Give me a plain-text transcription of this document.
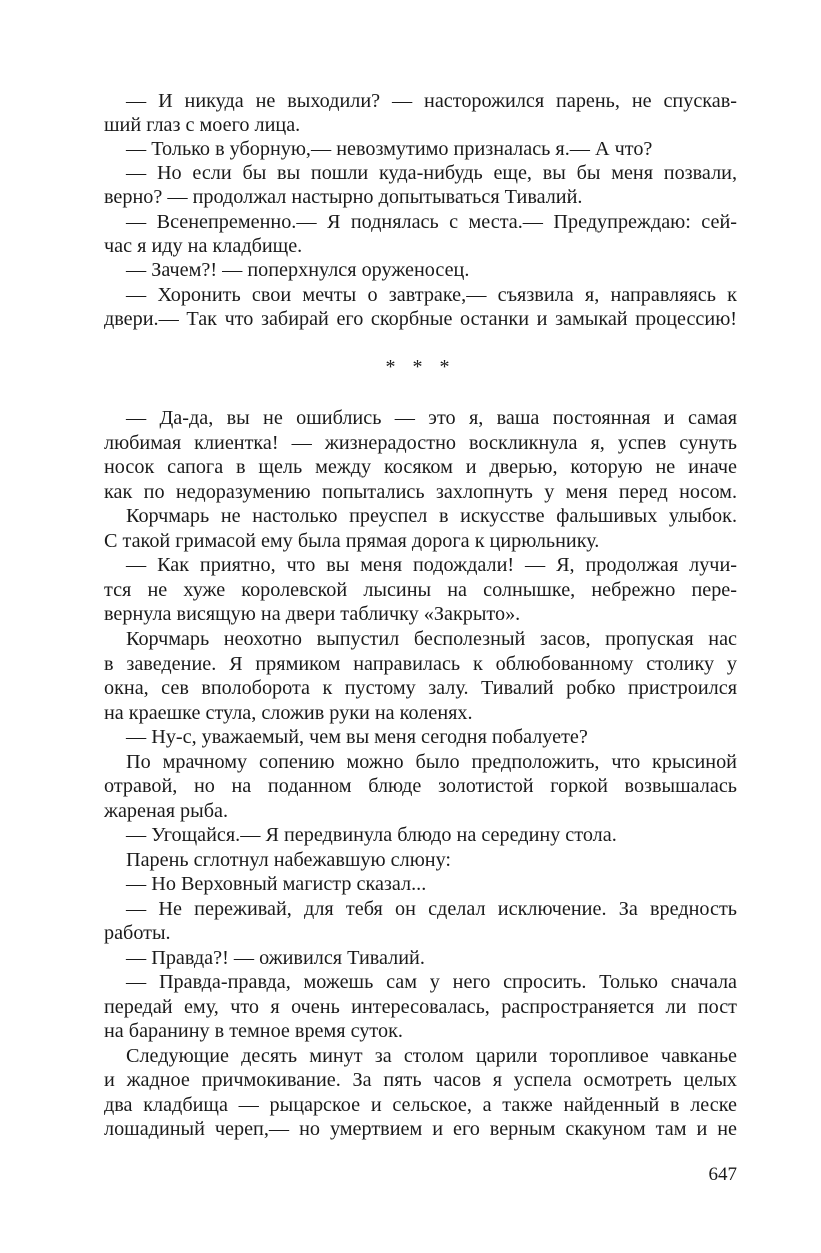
— И никуда не выходили? — насторожился парень, не спускав-
ший глаз с моего лица.
— Только в уборную,— невозмутимо призналась я.— А что?
— Но если бы вы пошли куда-нибудь еще, вы бы меня позвали,
верно? — продолжал настырно допытываться Тивалий.
— Всенепременно.— Я поднялась с места.— Предупреждаю: сей-
час я иду на кладбище.
— Зачем?! — поперхнулся оруженосец.
— Хоронить свои мечты о завтраке,— съязвила я, направляясь к
двери.— Так что забирай его скорбные останки и замыкай процессию!
* * *
— Да-да, вы не ошиблись — это я, ваша постоянная и самая
любимая клиентка! — жизнерадостно воскликнула я, успев сунуть
носок сапога в щель между косяком и дверью, которую не иначе
как по недоразумению попытались захлопнуть у меня перед носом.
Корчмарь не настолько преуспел в искусстве фальшивых улыбок.
С такой гримасой ему была прямая дорога к цирюльнику.
— Как приятно, что вы меня подождали! — Я, продолжая лучи-
тся не хуже королевской лысины на солнышке, небрежно пере-
вернула висящую на двери табличку «Закрыто».
Корчмарь неохотно выпустил бесполезный засов, пропуская нас
в заведение. Я прямиком направилась к облюбованному столику у
окна, сев вполоборота к пустому залу. Тивалий робко пристроился
на краешке стула, сложив руки на коленях.
— Ну-с, уважаемый, чем вы меня сегодня побалуете?
По мрачному сопению можно было предположить, что крысиной
отравой, но на поданном блюде золотистой горкой возвышалась
жареная рыба.
— Угощайся.— Я передвинула блюдо на середину стола.
Парень сглотнул набежавшую слюну:
— Но Верховный магистр сказал...
— Не переживай, для тебя он сделал исключение. За вредность
работы.
— Правда?! — оживился Тивалий.
— Правда-правда, можешь сам у него спросить. Только сначала
передай ему, что я очень интересовалась, распространяется ли пост
на баранину в темное время суток.
Следующие десять минут за столом царили торопливое чавканье
и жадное причмокивание. За пять часов я успела осмотреть целых
два кладбища — рыцарское и сельское, а также найденный в леске
лошадиный череп,— но умертвием и его верным скакуном там и не
647
